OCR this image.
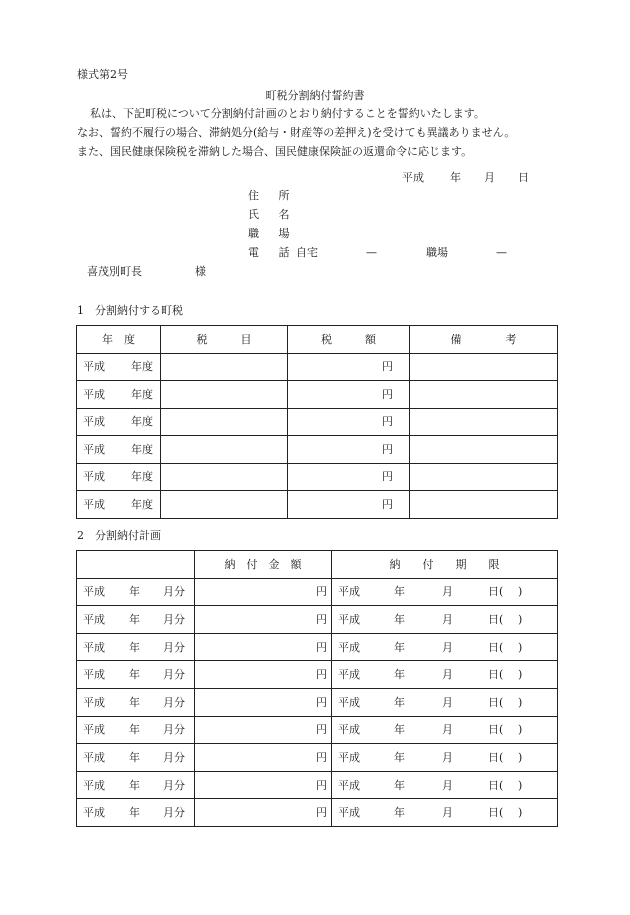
様式第2号
町税分割納付誓約書
私は、下記町税について分割納付計画のとおり納付することを誓約いたします。
なお、誓約不履行の場合、滞納処分(給与・財産等の差押え)を受けても異議ありません。
また、国民健康保険税を滞納した場合、国民健康保険証の返還命令に応じます。
平成 年 月 日
住 所
氏 名
職 場
電 話
自宅	—	職場	—
喜茂別町長	様
1　分割納付する町税
年　度	税　　　目	税　　　額	備　　　　考
平成 年度		円	
平成 年度		円	
平成 年度		円	
平成 年度		円	
平成 年度		円	
平成 年度		円	
2　分割納付計画
	納　付　金　額	納　　付　　期　　限
平成 年 月分	円	平成 年 月 日( )
平成 年 月分	円	平成 年 月 日( )
平成 年 月分	円	平成 年 月 日( )
平成 年 月分	円	平成 年 月 日( )
平成 年 月分	円	平成 年 月 日( )
平成 年 月分	円	平成 年 月 日( )
平成 年 月分	円	平成 年 月 日( )
平成 年 月分	円	平成 年 月 日( )
平成 年 月分	円	平成 年 月 日( )
